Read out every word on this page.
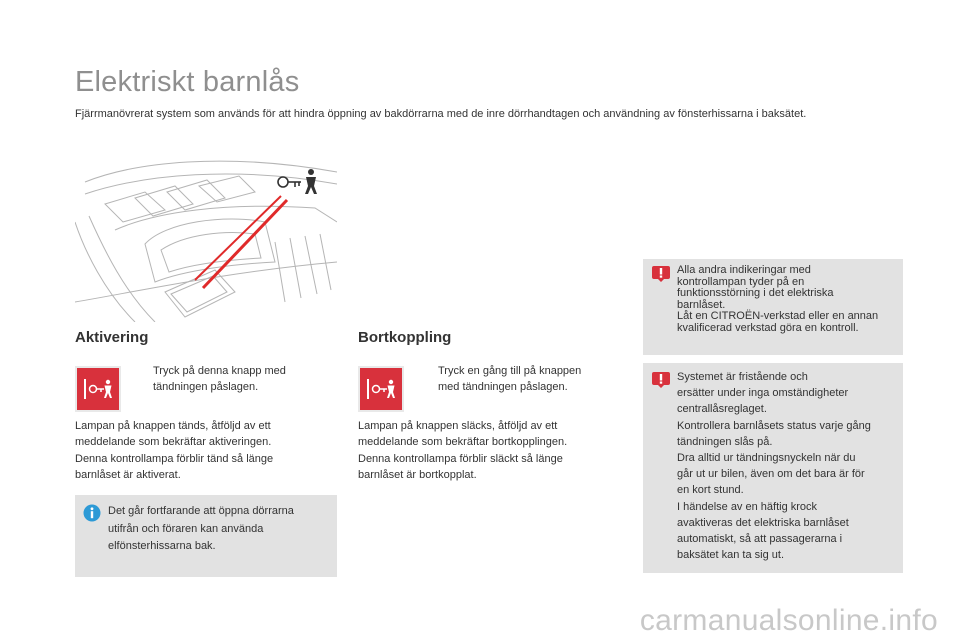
Elektriskt barnlås

Fjärrmanövrerat system som används för att hindra öppning av bakdörrarna med de inre dörrhandtagen och användning av fönsterhissarna i baksätet.

Aktivering
Tryck på denna knapp med
tändningen påslagen.
Lampan på knappen tänds, åtföljd av ett
meddelande som bekräftar aktiveringen.
Denna kontrollampa förblir tänd så länge
barnlåset är aktiverat.
Det går fortfarande att öppna dörrarna
utifrån och föraren kan använda
elfönsterhissarna bak.
Bortkoppling
Tryck en gång till på knappen
med tändningen påslagen.
Lampan på knappen släcks, åtföljd av ett
meddelande som bekräftar bortkopplingen.
Denna kontrollampa förblir släckt så länge
barnlåset är bortkopplat.
Alla andra indikeringar med
kontrollampan tyder på en
funktionsstörning i det elektriska
barnlåset.
Låt en CITROËN-verkstad eller en annan
kvalificerad verkstad göra en kontroll.
Systemet är fristående och
ersätter under inga omständigheter
centrallåsreglaget.
Kontrollera barnlåsets status varje gång
tändningen slås på.
Dra alltid ur tändningsnyckeln när du
går ut ur bilen, även om det bara är för
en kort stund.
I händelse av en häftig krock
avaktiveras det elektriska barnlåset
automatiskt, så att passagerarna i
baksätet kan ta sig ut.
carmanualsonline.info
